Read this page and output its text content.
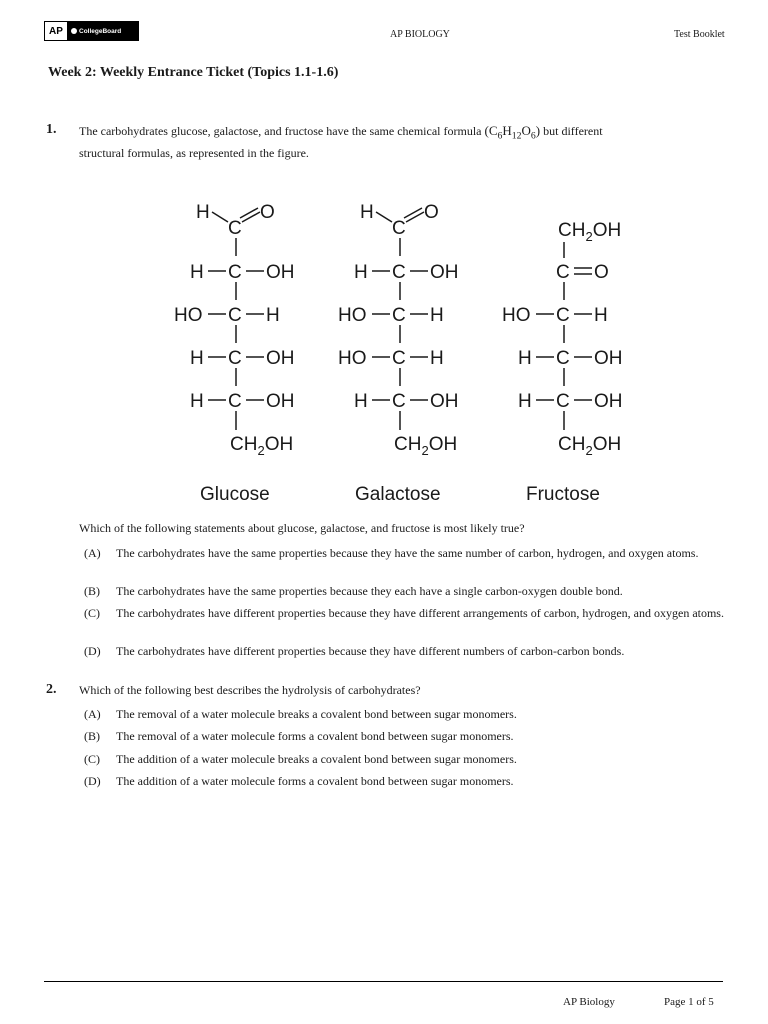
AP	CollegeBoard	AP BIOLOGY	Test Booklet
Week 2: Weekly Entrance Ticket (Topics 1.1-1.6)
1. The carbohydrates glucose, galactose, and fructose have the same chemical formula $(C_6H_{12}O_6)$ but different
structural formulas, as represented in the figure.
H
C
O
H C OH
HO C H
H C OH
H C OH
$CH_2OH$
Glucose
H
C
O
H C OH
HO C H
HO C H
H C OH
$CH_2OH$
Galactose
$CH_2OH$
C O
HO C H
H C OH
H C OH
$CH_2OH$
Fructose
Which of the following statements about glucose, galactose, and fructose is most likely true?
(A)	The carbohydrates have the same properties because they have the same number of carbon, hydrogen, and oxygen atoms.
(B)	The carbohydrates have the same properties because they each have a single carbon-oxygen double bond.
(C)	The carbohydrates have different properties because they have different arrangements of carbon, hydrogen, and oxygen atoms.
(D)	The carbohydrates have different properties because they have different numbers of carbon-carbon bonds.
2. Which of the following best describes the hydrolysis of carbohydrates?
(A)	The removal of a water molecule breaks a covalent bond between sugar monomers.
(B)	The removal of a water molecule forms a covalent bond between sugar monomers.
(C)	The addition of a water molecule breaks a covalent bond between sugar monomers.
(D)	The addition of a water molecule forms a covalent bond between sugar monomers.
AP Biology	Page 1 of 5
